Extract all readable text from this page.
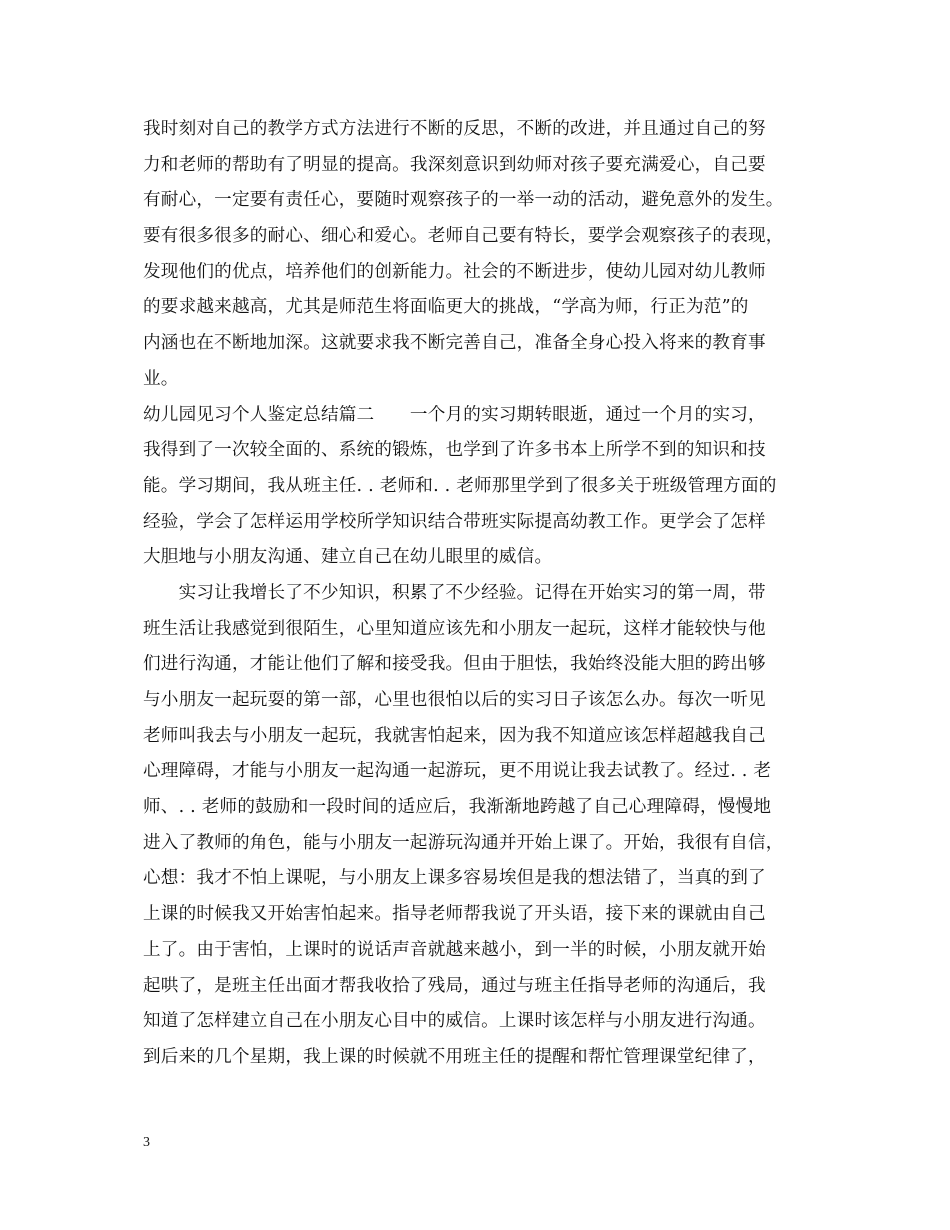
我时刻对自己的教学方式方法进行不断的反思，不断的改进，并且通过自己的努
力和老师的帮助有了明显的提高。我深刻意识到幼师对孩子要充满爱心，自己要
有耐心，一定要有责任心，要随时观察孩子的一举一动的活动，避免意外的发生。
要有很多很多的耐心、细心和爱心。老师自己要有特长，要学会观察孩子的表现，
发现他们的优点，培养他们的创新能力。社会的不断进步，使幼儿园对幼儿教师
的要求越来越高，尤其是师范生将面临更大的挑战，“学高为师，行正为范”的
内涵也在不断地加深。这就要求我不断完善自己，准备全身心投入将来的教育事
业。
幼儿园见习个人鉴定总结篇二　　一个月的实习期转眼逝，通过一个月的实习，
我得到了一次较全面的、系统的锻炼，也学到了许多书本上所学不到的知识和技
能。学习期间，我从班主任. . 老师和. . 老师那里学到了很多关于班级管理方面的
经验，学会了怎样运用学校所学知识结合带班实际提高幼教工作。更学会了怎样
大胆地与小朋友沟通、建立自己在幼儿眼里的威信。
　　实习让我增长了不少知识，积累了不少经验。记得在开始实习的第一周，带
班生活让我感觉到很陌生，心里知道应该先和小朋友一起玩，这样才能较快与他
们进行沟通，才能让他们了解和接受我。但由于胆怯，我始终没能大胆的跨出够
与小朋友一起玩耍的第一部，心里也很怕以后的实习日子该怎么办。每次一听见
老师叫我去与小朋友一起玩，我就害怕起来，因为我不知道应该怎样超越我自己
心理障碍，才能与小朋友一起沟通一起游玩，更不用说让我去试教了。经过. . 老
师、. . 老师的鼓励和一段时间的适应后，我渐渐地跨越了自己心理障碍，慢慢地
进入了教师的角色，能与小朋友一起游玩沟通并开始上课了。开始，我很有自信，
心想：我才不怕上课呢，与小朋友上课多容易埃但是我的想法错了，当真的到了
上课的时候我又开始害怕起来。指导老师帮我说了开头语，接下来的课就由自己
上了。由于害怕，上课时的说话声音就越来越小，到一半的时候，小朋友就开始
起哄了，是班主任出面才帮我收拾了残局，通过与班主任指导老师的沟通后，我
知道了怎样建立自己在小朋友心目中的威信。上课时该怎样与小朋友进行沟通。
到后来的几个星期，我上课的时候就不用班主任的提醒和帮忙管理课堂纪律了，
3
